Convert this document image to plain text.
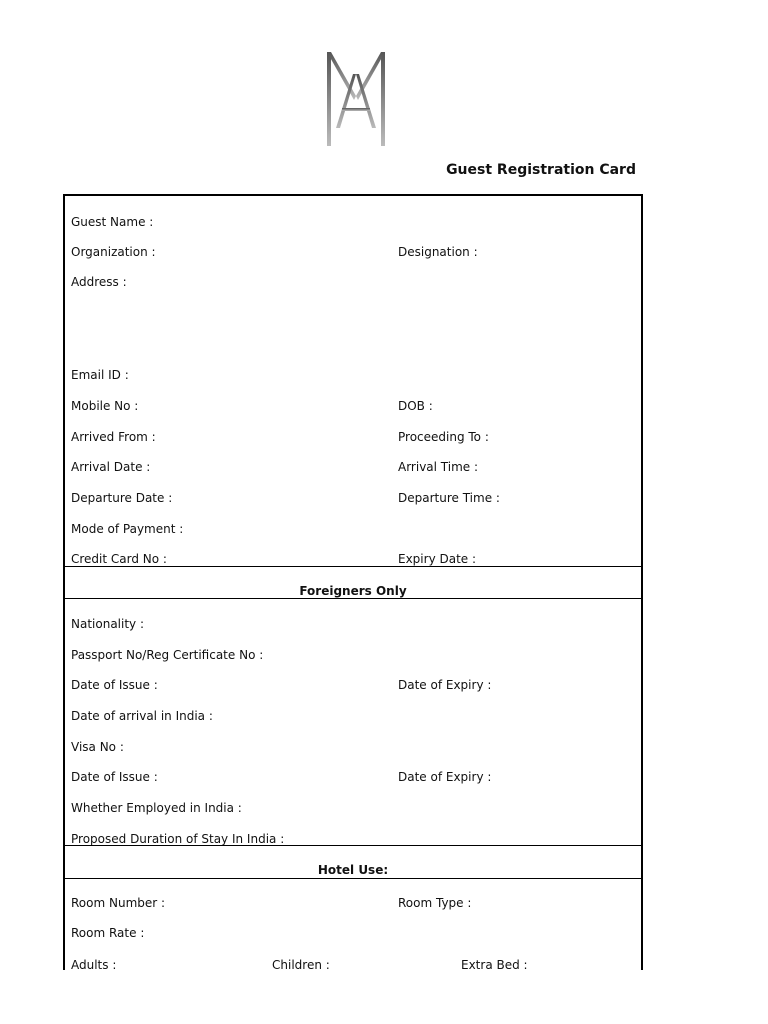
Guest Registration Card
Guest Name :
Organization :	Designation :
Address :
Email ID :
Mobile No :	DOB :
Arrived From :	Proceeding To :
Arrival Date :	Arrival Time :
Departure Date :	Departure Time :
Mode of Payment :
Credit Card No :	Expiry Date :
Foreigners Only
Nationality :
Passport No/Reg Certificate No :
Date of Issue :	Date of Expiry :
Date of arrival in India :
Visa No :
Date of Issue :	Date of Expiry :
Whether Employed in India :
Proposed Duration of Stay In India :
Hotel Use:
Room Number :	Room Type :
Room Rate :
Adults :	Children :	Extra Bed :
